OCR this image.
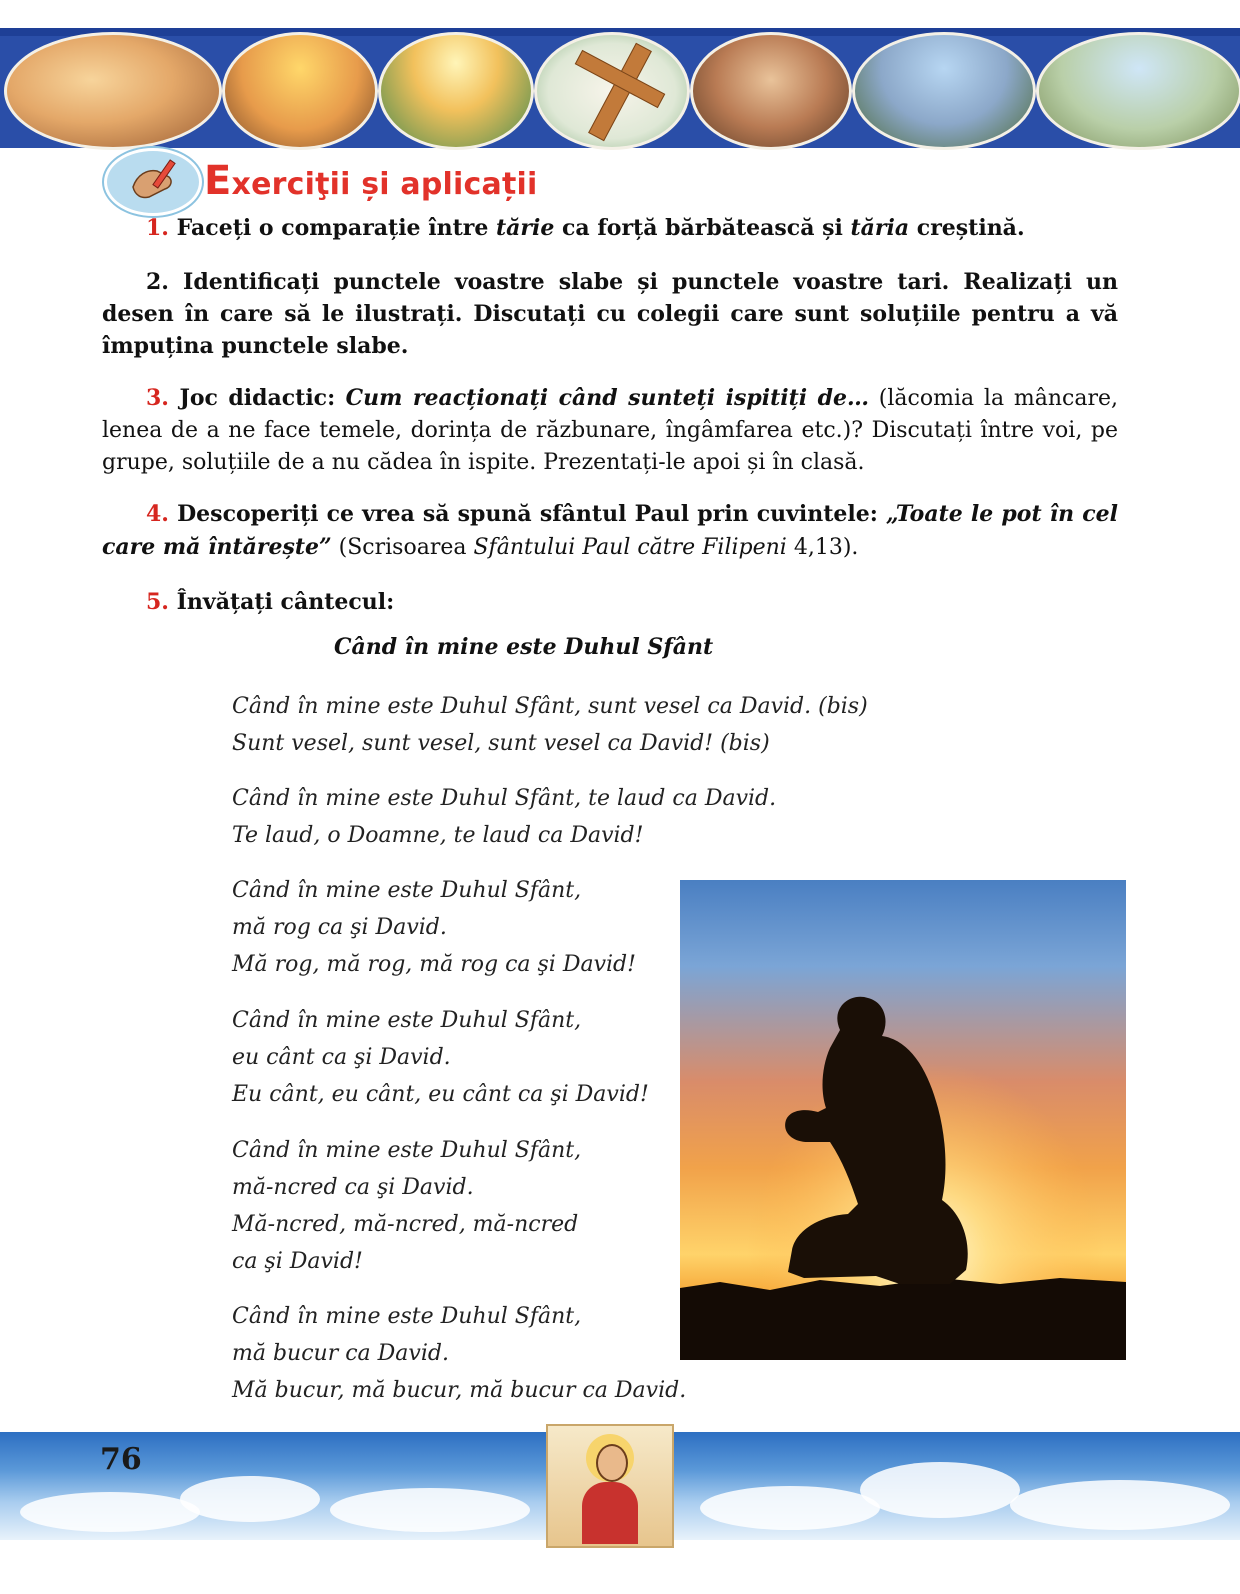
Exerciţii și aplicații
1. Faceți o comparație între tărie ca forță bărbătească și tăria creștină.
2. Identificați punctele voastre slabe și punctele voastre tari. Realizați un desen în care să le ilustrați. Discutați cu colegii care sunt soluțiile pentru a vă împuțina punctele slabe.
3. Joc didactic: Cum reacționați când sunteți ispitiți de… (lăcomia la mâncare, lenea de a ne face temele, dorința de răzbunare, îngâmfarea etc.)? Discutați între voi, pe grupe, soluțiile de a nu cădea în ispite. Prezentați-le apoi și în clasă.
4. Descoperiți ce vrea să spună sfântul Paul prin cuvintele: „Toate le pot în cel care mă întărește” (Scrisoarea Sfântului Paul către Filipeni 4,13).
5. Învățați cântecul:
Când în mine este Duhul Sfânt
Când în mine este Duhul Sfânt, sunt vesel ca David. (bis)
Sunt vesel, sunt vesel, sunt vesel ca David! (bis)
Când în mine este Duhul Sfânt, te laud ca David.
Te laud, o Doamne, te laud ca David!
Când în mine este Duhul Sfânt,
mă rog ca şi David.
Mă rog, mă rog, mă rog ca şi David!
Când în mine este Duhul Sfânt,
eu cânt ca şi David.
Eu cânt, eu cânt, eu cânt ca şi David!
Când în mine este Duhul Sfânt,
mă-ncred ca şi David.
Mă-ncred, mă-ncred, mă-ncred
ca şi David!
Când în mine este Duhul Sfânt,
mă bucur ca David.
Mă bucur, mă bucur, mă bucur ca David.
76
